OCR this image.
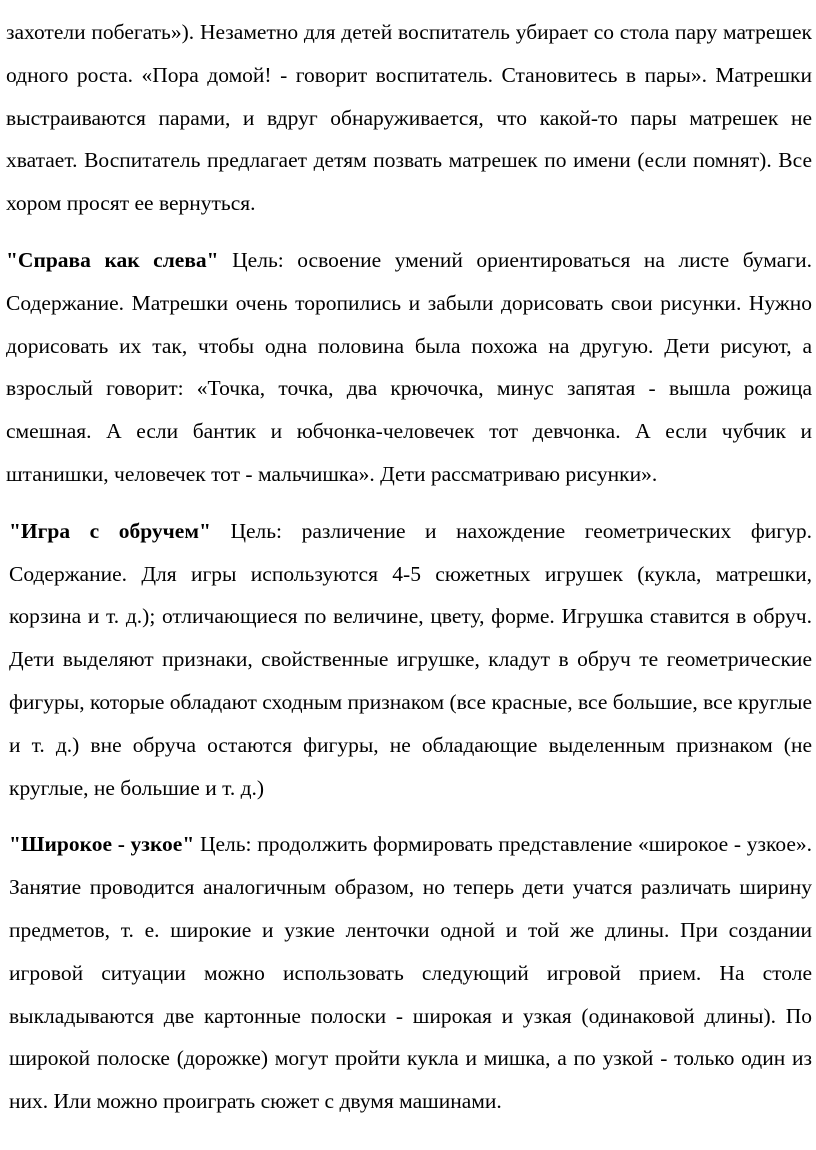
захотели побегать»). Незаметно для детей воспитатель убирает со стола пару матрешек одного роста. «Пора домой! - говорит воспитатель. Становитесь в пары». Матрешки выстраиваются парами, и вдруг обнаруживается, что какой-то пары матрешек не хватает. Воспитатель предлагает детям позвать матрешек по имени (если помнят). Все хором просят ее вернуться.

"Справа как слева" Цель: освоение умений ориентироваться на листе бумаги. Содержание. Матрешки очень торопились и забыли дорисовать свои рисунки. Нужно дорисовать их так, чтобы одна половина была похожа на другую. Дети рисуют, а взрослый говорит: «Точка, точка, два крючочка, минус запятая - вышла рожица смешная. А если бантик и юбчонка-человечек тот девчонка. А если чубчик и штанишки, человечек тот - мальчишка». Дети рассматриваю рисунки».

"Игра с обручем" Цель: различение и нахождение геометрических фигур. Содержание. Для игры используются 4-5 сюжетных игрушек (кукла, матрешки, корзина и т. д.); отличающиеся по величине, цвету, форме. Игрушка ставится в обруч. Дети выделяют признаки, свойственные игрушке, кладут в обруч те геометрические фигуры, которые обладают сходным признаком (все красные, все большие, все круглые и т. д.) вне обруча остаются фигуры, не обладающие выделенным признаком (не круглые, не большие и т. д.)

"Широкое - узкое" Цель: продолжить формировать представление «широкое - узкое». Занятие проводится аналогичным образом, но теперь дети учатся различать ширину предметов, т. е. широкие и узкие ленточки одной и той же длины. При создании игровой ситуации можно использовать следующий игровой прием. На столе выкладываются две картонные полоски - широкая и узкая (одинаковой длины). По широкой полоске (дорожке) могут пройти кукла и мишка, а по узкой - только один из них. Или можно проиграть сюжет с двумя машинами.
